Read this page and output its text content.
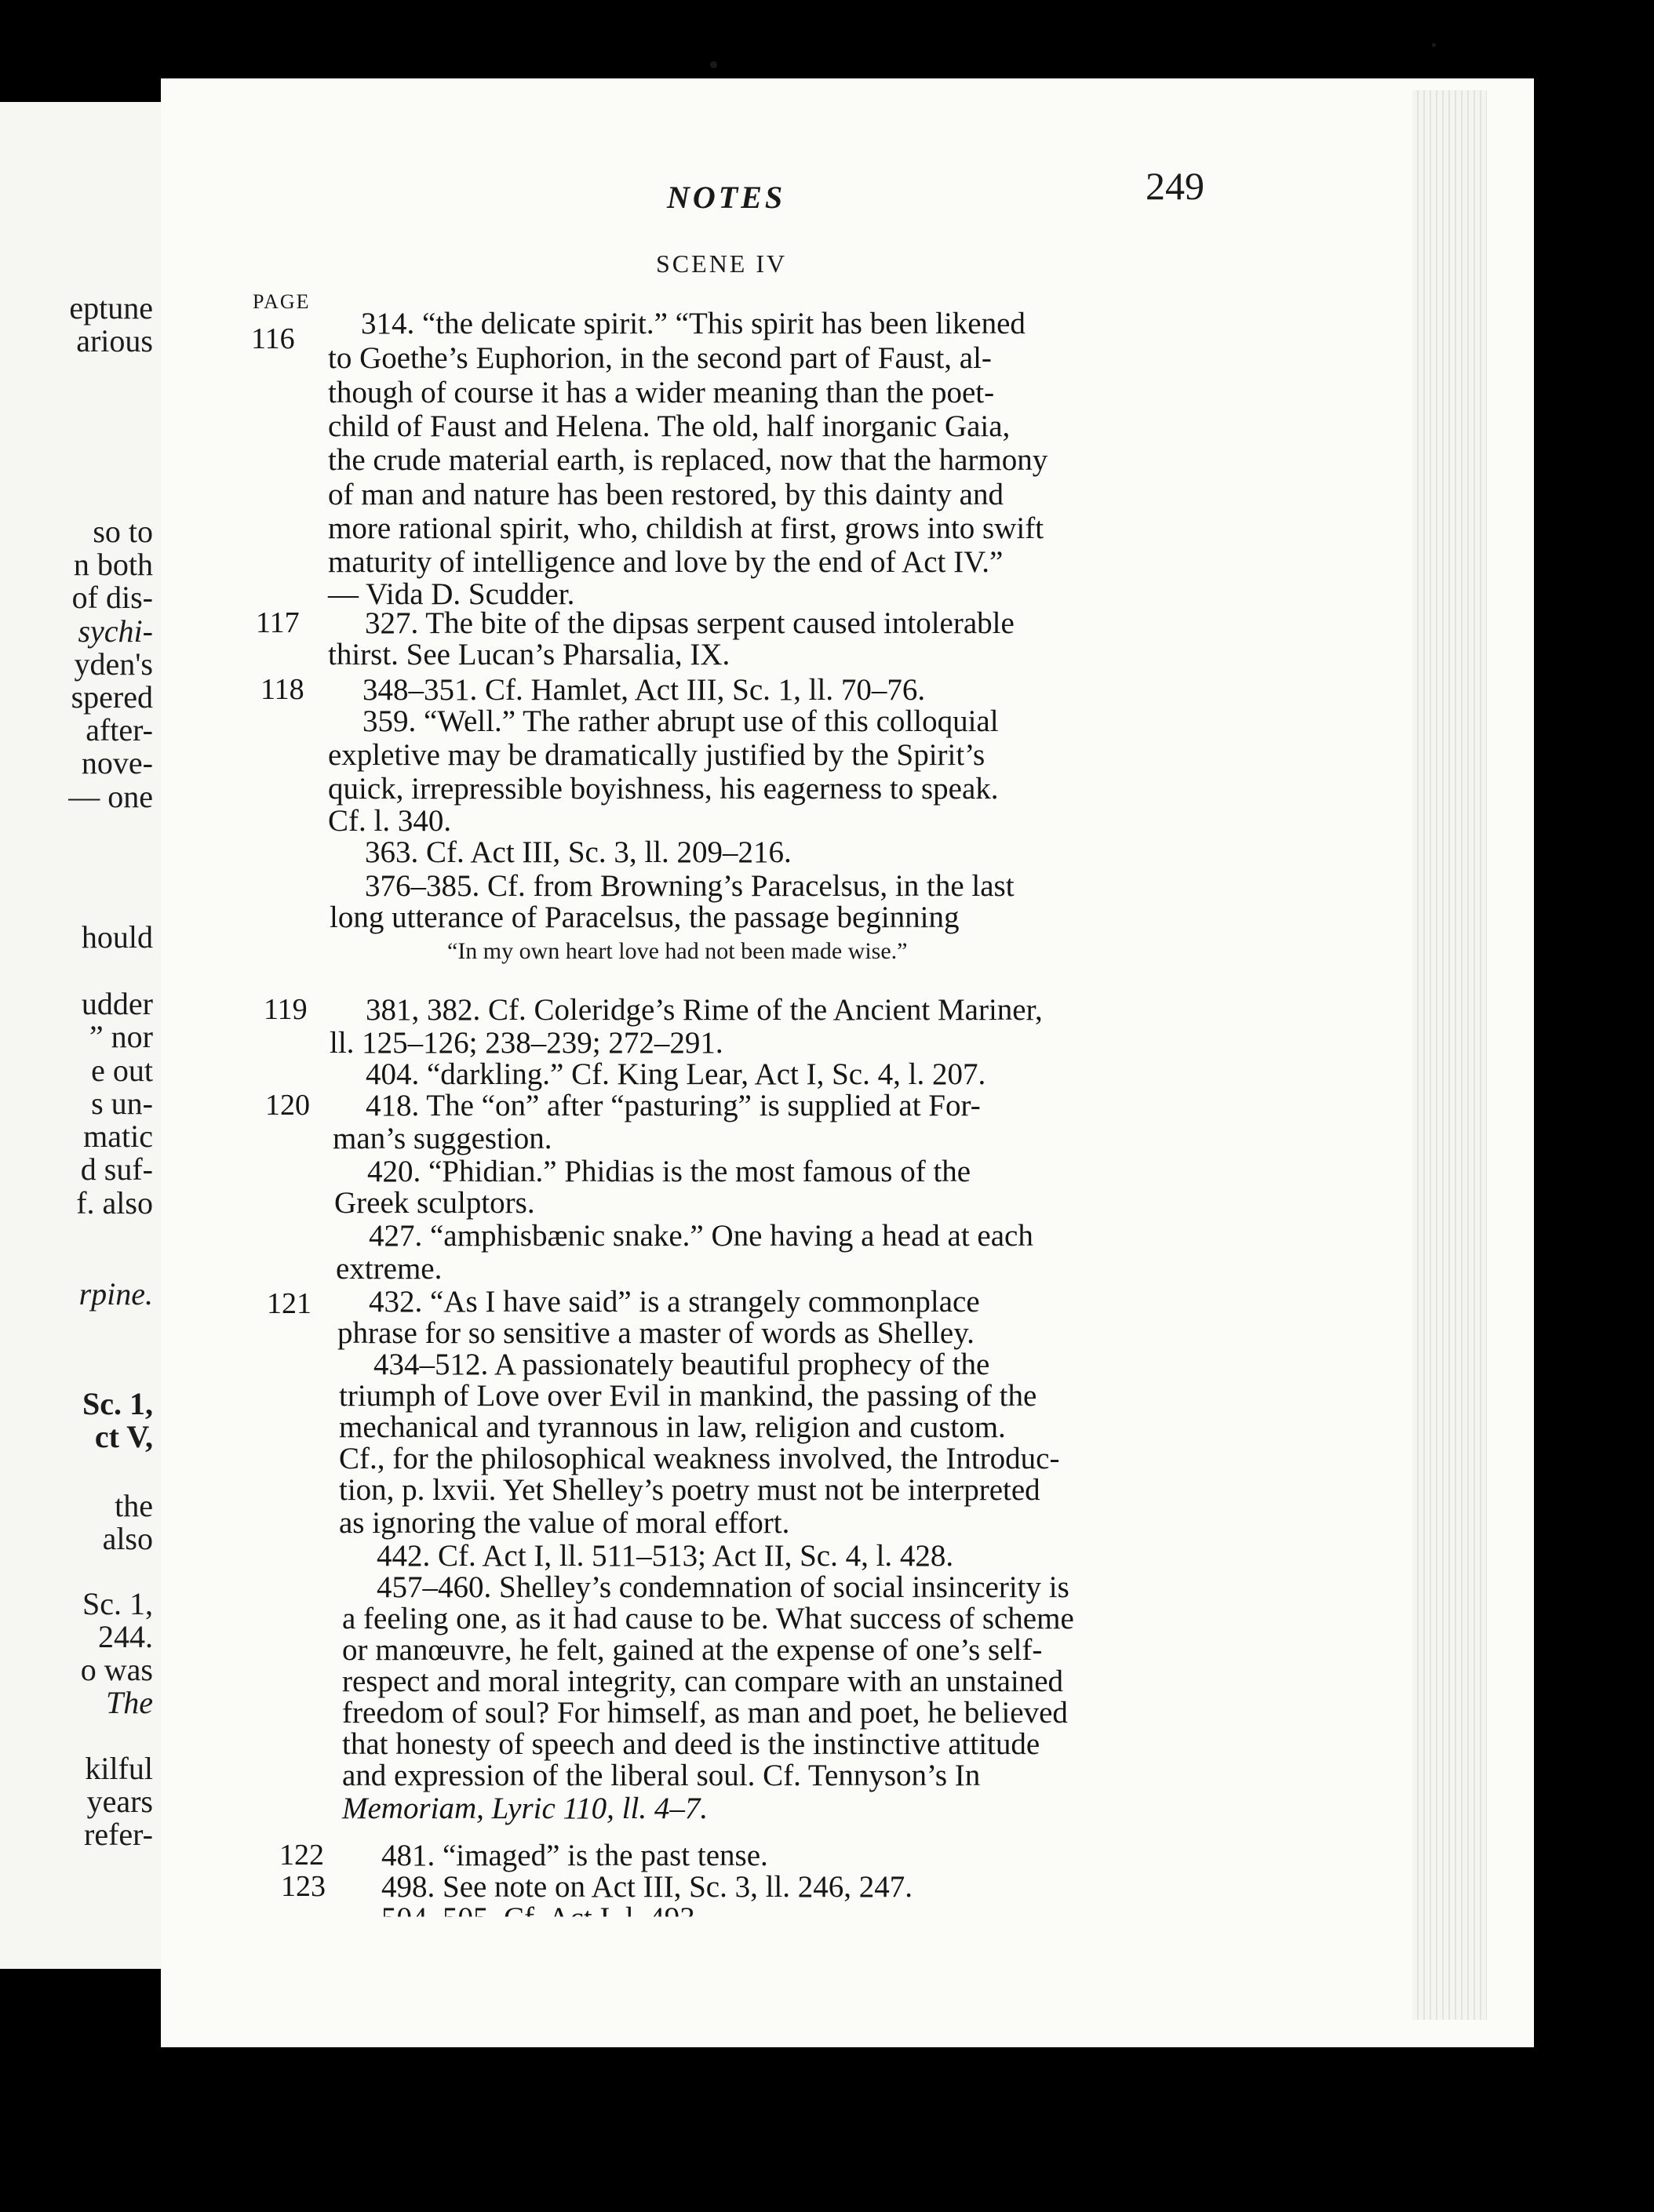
eptune
arious
so to
n both
of dis-
sychi-
yden's
spered
after-
nove-
— one
hould
udder
” nor
e out
s un-
matic
d suf-
f. also
rpine.
Sc. 1,
ct V,
the
also
Sc. 1,
244.
o was
The
kilful
years
refer-
NOTES	249
SCENE IV
PAGE
116
117
118
119
120
121
122
123
314. “the delicate spirit.” “This spirit has been likened
to Goethe’s Euphorion, in the second part of Faust, al-
though of course it has a wider meaning than the poet-
child of Faust and Helena. The old, half inorganic Gaia,
the crude material earth, is replaced, now that the harmony
of man and nature has been restored, by this dainty and
more rational spirit, who, childish at first, grows into swift
maturity of intelligence and love by the end of Act IV.”
— Vida D. Scudder.
327. The bite of the dipsas serpent caused intolerable
thirst. See Lucan’s Pharsalia, IX.
348–351. Cf. Hamlet, Act III, Sc. 1, ll. 70–76.
359. “Well.” The rather abrupt use of this colloquial
expletive may be dramatically justified by the Spirit’s
quick, irrepressible boyishness, his eagerness to speak.
Cf. l. 340.
363. Cf. Act III, Sc. 3, ll. 209–216.
376–385. Cf. from Browning’s Paracelsus, in the last
long utterance of Paracelsus, the passage beginning
“In my own heart love had not been made wise.”
381, 382. Cf. Coleridge’s Rime of the Ancient Mariner,
ll. 125–126; 238–239; 272–291.
404. “darkling.” Cf. King Lear, Act I, Sc. 4, l. 207.
418. The “on” after “pasturing” is supplied at For-
man’s suggestion.
420. “Phidian.” Phidias is the most famous of the
Greek sculptors.
427. “amphisbænic snake.” One having a head at each
extreme.
432. “As I have said” is a strangely commonplace
phrase for so sensitive a master of words as Shelley.
434–512. A passionately beautiful prophecy of the
triumph of Love over Evil in mankind, the passing of the
mechanical and tyrannous in law, religion and custom.
Cf., for the philosophical weakness involved, the Introduc-
tion, p. lxvii. Yet Shelley’s poetry must not be interpreted
as ignoring the value of moral effort.
442. Cf. Act I, ll. 511–513; Act II, Sc. 4, l. 428.
457–460. Shelley’s condemnation of social insincerity is
a feeling one, as it had cause to be. What success of scheme
or manœuvre, he felt, gained at the expense of one’s self-
respect and moral integrity, can compare with an unstained
freedom of soul? For himself, as man and poet, he believed
that honesty of speech and deed is the instinctive attitude
and expression of the liberal soul. Cf. Tennyson’s In
Memoriam, Lyric 110, ll. 4–7.
481. “imaged” is the past tense.
498. See note on Act III, Sc. 3, ll. 246, 247.
